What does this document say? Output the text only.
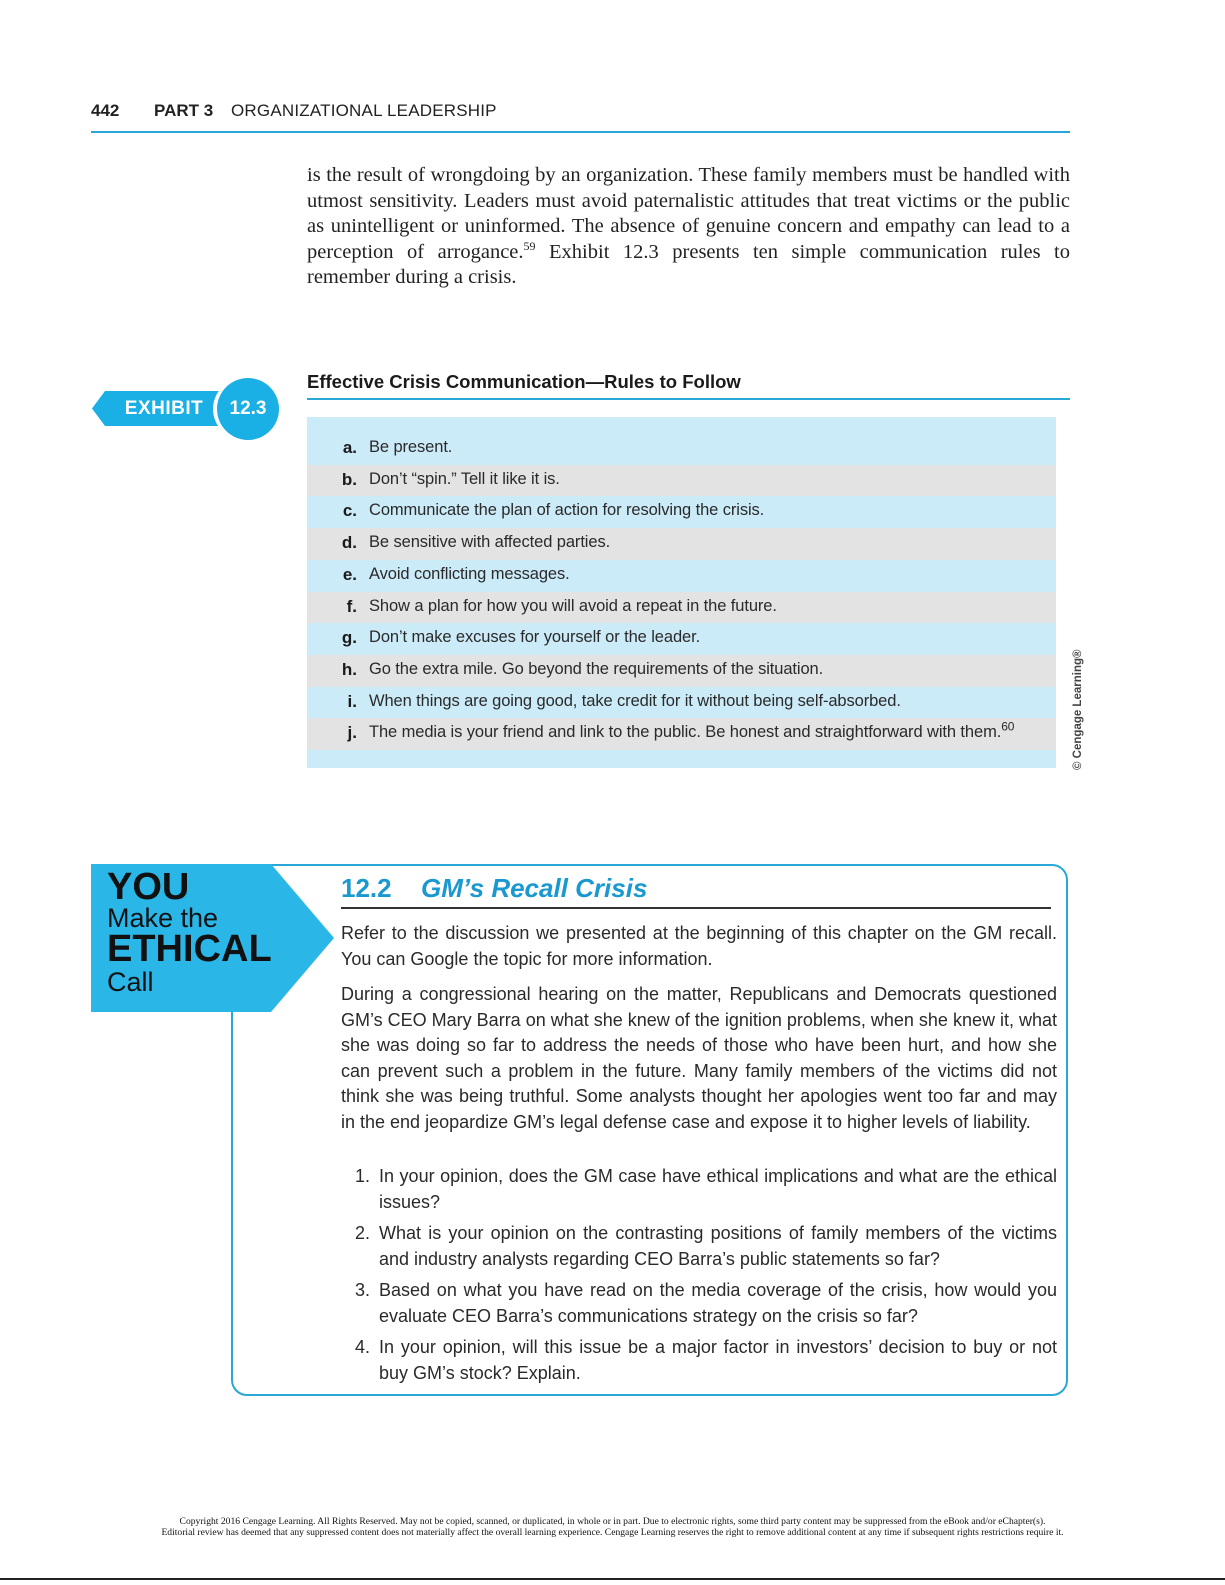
442 PART 3 ORGANIZATIONAL LEADERSHIP

is the result of wrongdoing by an organization. These family members must be handled with utmost sensitivity. Leaders must avoid paternalistic attitudes that treat victims or the public as unintelligent or uninformed. The absence of genuine concern and empathy can lead to a perception of arrogance.$^{59}$ Exhibit 12.3 presents ten simple communication rules to remember during a crisis.

EXHIBIT	12.3
Effective Crisis Communication—Rules to Follow
a. Be present.
b. Don’t “spin.” Tell it like it is.
c. Communicate the plan of action for resolving the crisis.
d. Be sensitive with affected parties.
e. Avoid conflicting messages.
f. Show a plan for how you will avoid a repeat in the future.
g. Don’t make excuses for yourself or the leader.
h. Go the extra mile. Go beyond the requirements of the situation.
i. When things are going good, take credit for it without being self-absorbed.
j. The media is your friend and link to the public. Be honest and straightforward with them.$^{60}$	© Cengage Learning®
YOU
Make the
ETHICAL
Call
12.2 GM’s Recall Crisis

Refer to the discussion we presented at the beginning of this chapter on the GM recall. You can Google the topic for more information.

During a congressional hearing on the matter, Republicans and Democrats questioned GM’s CEO Mary Barra on what she knew of the ignition problems, when she knew it, what she was doing so far to address the needs of those who have been hurt, and how she can prevent such a problem in the future. Many family members of the victims did not think she was being truthful. Some analysts thought her apologies went too far and may in the end jeopardize GM’s legal defense case and expose it to higher levels of liability.

1. In your opinion, does the GM case have ethical implications and what are the ethical issues?
2. What is your opinion on the contrasting positions of family members of the victims and industry analysts regarding CEO Barra’s public statements so far?
3. Based on what you have read on the media coverage of the crisis, how would you evaluate CEO Barra’s communications strategy on the crisis so far?
4. In your opinion, will this issue be a major factor in investors’ decision to buy or not buy GM’s stock? Explain.
Copyright 2016 Cengage Learning. All Rights Reserved. May not be copied, scanned, or duplicated, in whole or in part. Due to electronic rights, some third party content may be suppressed from the eBook and/or eChapter(s).
Editorial review has deemed that any suppressed content does not materially affect the overall learning experience. Cengage Learning reserves the right to remove additional content at any time if subsequent rights restrictions require it.
